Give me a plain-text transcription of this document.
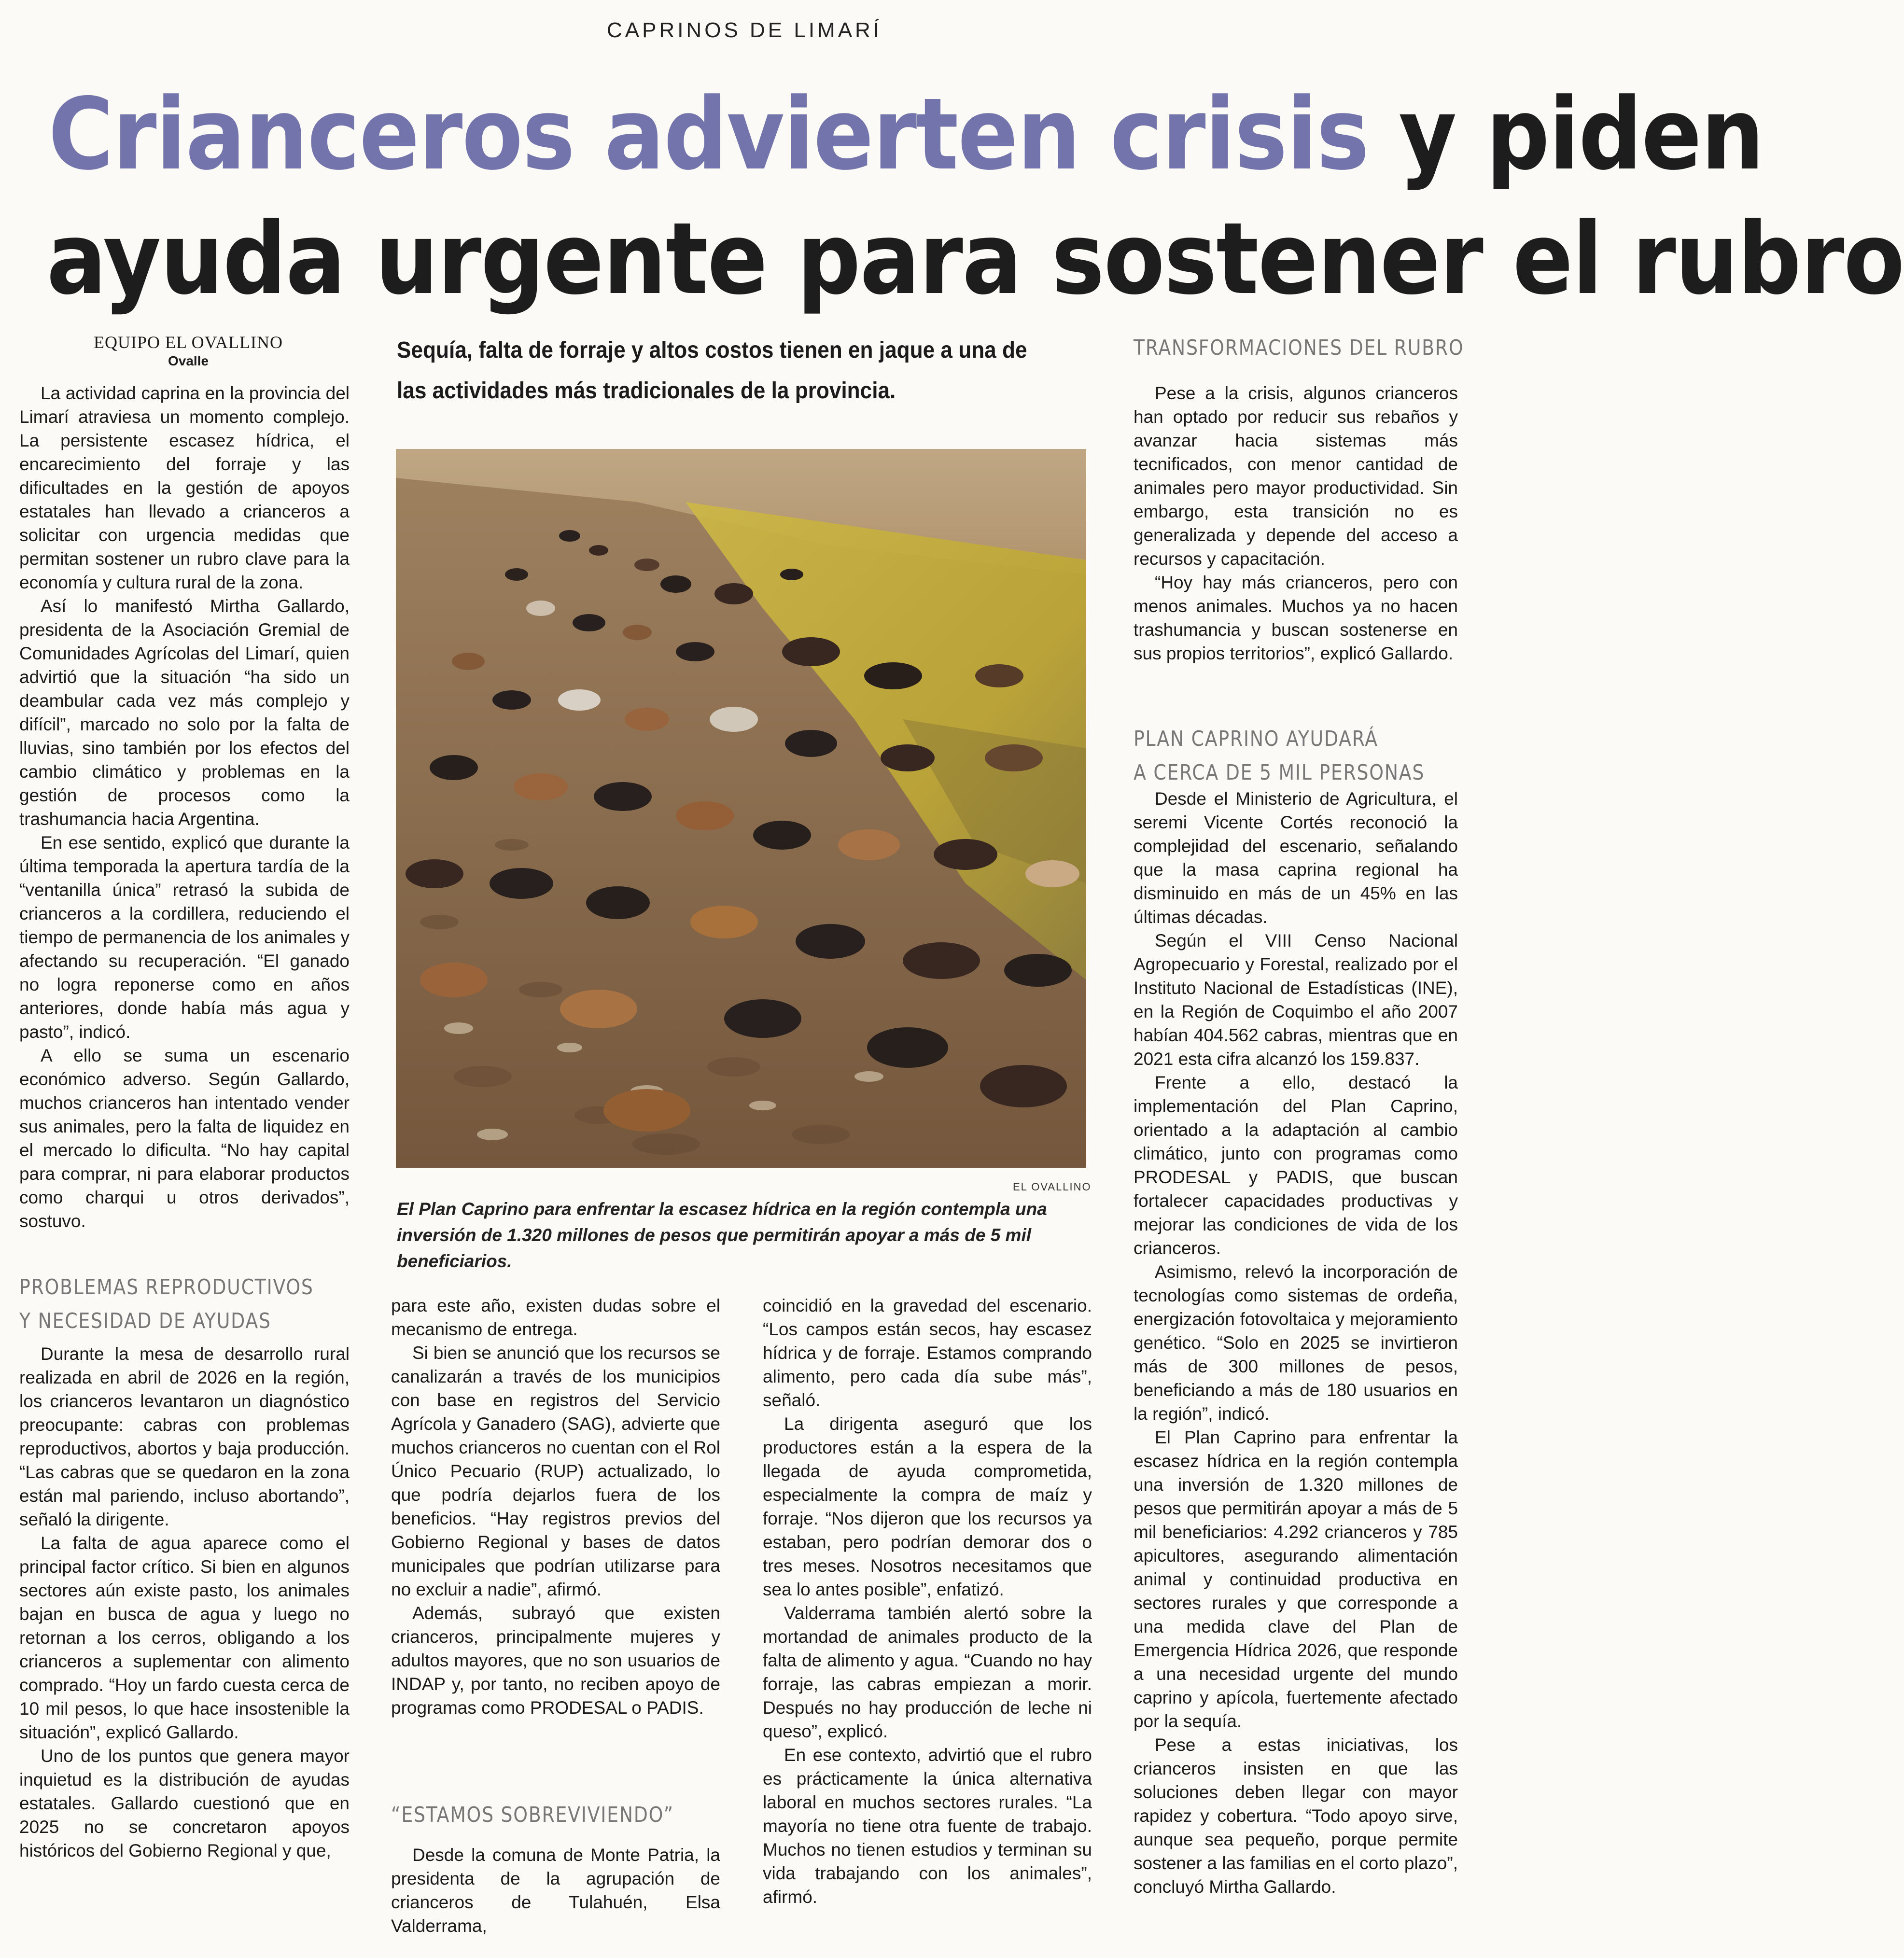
CAPRINOS DE LIMARÍ
Crianceros advierten crisis y piden
ayuda urgente para sostener el rubro
EQUIPO EL OVALLINO
Ovalle	Sequía, falta de forraje y altos costos tienen en jaque a una de las actividades más tradicionales de la provincia.

La actividad caprina en la provincia del Limarí atraviesa un momento complejo. La persistente escasez hídrica, el encarecimiento del forraje y las dificultades en la gestión de apoyos estatales han llevado a crianceros a solicitar con urgencia medidas que permitan sostener un rubro clave para la economía y cultura rural de la zona.

Así lo manifestó Mirtha Gallardo, presidenta de la Asociación Gremial de Comunidades Agrícolas del Limarí, quien advirtió que la situación “ha sido un deambular cada vez más complejo y difícil”, marcado no solo por la falta de lluvias, sino también por los efectos del cambio climático y problemas en la gestión de procesos como la trashumancia hacia Argentina.

En ese sentido, explicó que durante la última temporada la apertura tardía de la “ventanilla única” retrasó la subida de crianceros a la cordillera, reduciendo el tiempo de permanencia de los animales y afectando su recuperación. “El ganado no logra reponerse como en años anteriores, donde había más agua y pasto”, indicó.

A ello se suma un escenario económico adverso. Según Gallardo, muchos crianceros han intentado vender sus animales, pero la falta de liquidez en el mercado lo dificulta. “No hay capital para comprar, ni para elaborar productos como charqui u otros derivados”, sostuvo.

PROBLEMAS REPRODUCTIVOS
Y NECESIDAD DE AYUDAS

Durante la mesa de desarrollo rural realizada en abril de 2026 en la región, los crianceros levantaron un diagnóstico preocupante: cabras con problemas reproductivos, abortos y baja producción. “Las cabras que se quedaron en la zona están mal pariendo, incluso abortando”, señaló la dirigente.

La falta de agua aparece como el principal factor crítico. Si bien en algunos sectores aún existe pasto, los animales bajan en busca de agua y luego no retornan a los cerros, obligando a los crianceros a suplementar con alimento comprado. “Hoy un fardo cuesta cerca de 10 mil pesos, lo que hace insostenible la situación”, explicó Gallardo.

Uno de los puntos que genera mayor inquietud es la distribución de ayudas estatales. Gallardo cuestionó que en 2025 no se concretaron apoyos históricos del Gobierno Regional y que,

EL OVALLINO
El Plan Caprino para enfrentar la escasez hídrica en la región contempla una inversión de 1.320 millones de pesos que permitirán apoyar a más de 5 mil beneficiarios.

para este año, existen dudas sobre el mecanismo de entrega.

Si bien se anunció que los recursos se canalizarán a través de los municipios con base en registros del Servicio Agrícola y Ganadero (SAG), advierte que muchos crianceros no cuentan con el Rol Único Pecuario (RUP) actualizado, lo que podría dejarlos fuera de los beneficios. “Hay registros previos del Gobierno Regional y bases de datos municipales que podrían utilizarse para no excluir a nadie”, afirmó.

Además, subrayó que existen crianceros, principalmente mujeres y adultos mayores, que no son usuarios de INDAP y, por tanto, no reciben apoyo de programas como PRODESAL o PADIS.

“ESTAMOS SOBREVIVIENDO”

Desde la comuna de Monte Patria, la presidenta de la agrupación de crianceros de Tulahuén, Elsa Valderrama,

coincidió en la gravedad del escenario. “Los campos están secos, hay escasez hídrica y de forraje. Estamos comprando alimento, pero cada día sube más”, señaló.

La dirigenta aseguró que los productores están a la espera de la llegada de ayuda comprometida, especialmente la compra de maíz y forraje. “Nos dijeron que los recursos ya estaban, pero podrían demorar dos o tres meses. Nosotros necesitamos que sea lo antes posible”, enfatizó.

Valderrama también alertó sobre la mortandad de animales producto de la falta de alimento y agua. “Cuando no hay forraje, las cabras empiezan a morir. Después no hay producción de leche ni queso”, explicó.

En ese contexto, advirtió que el rubro es prácticamente la única alternativa laboral en muchos sectores rurales. “La mayoría no tiene otra fuente de trabajo. Muchos no tienen estudios y terminan su vida trabajando con los animales”, afirmó.

TRANSFORMACIONES DEL RUBRO

Pese a la crisis, algunos crianceros han optado por reducir sus rebaños y avanzar hacia sistemas más tecnificados, con menor cantidad de animales pero mayor productividad. Sin embargo, esta transición no es generalizada y depende del acceso a recursos y capacitación.

“Hoy hay más crianceros, pero con menos animales. Muchos ya no hacen trashumancia y buscan sostenerse en sus propios territorios”, explicó Gallardo.

PLAN CAPRINO AYUDARÁ
A CERCA DE 5 MIL PERSONAS

Desde el Ministerio de Agricultura, el seremi Vicente Cortés reconoció la complejidad del escenario, señalando que la masa caprina regional ha disminuido en más de un 45% en las últimas décadas.

Según el VIII Censo Nacional Agropecuario y Forestal, realizado por el Instituto Nacional de Estadísticas (INE), en la Región de Coquimbo el año 2007 habían 404.562 cabras, mientras que en 2021 esta cifra alcanzó los 159.837.

Frente a ello, destacó la implementación del Plan Caprino, orientado a la adaptación al cambio climático, junto con programas como PRODESAL y PADIS, que buscan fortalecer capacidades productivas y mejorar las condiciones de vida de los crianceros.

Asimismo, relevó la incorporación de tecnologías como sistemas de ordeña, energización fotovoltaica y mejoramiento genético. “Solo en 2025 se invirtieron más de 300 millones de pesos, beneficiando a más de 180 usuarios en la región”, indicó.

El Plan Caprino para enfrentar la escasez hídrica en la región contempla una inversión de 1.320 millones de pesos que permitirán apoyar a más de 5 mil beneficiarios: 4.292 crianceros y 785 apicultores, asegurando alimentación animal y continuidad productiva en sectores rurales y que corresponde a una medida clave del Plan de Emergencia Hídrica 2026, que responde a una necesidad urgente del mundo caprino y apícola, fuertemente afectado por la sequía.

Pese a estas iniciativas, los crianceros insisten en que las soluciones deben llegar con mayor rapidez y cobertura. “Todo apoyo sirve, aunque sea pequeño, porque permite sostener a las familias en el corto plazo”, concluyó Mirtha Gallardo.
